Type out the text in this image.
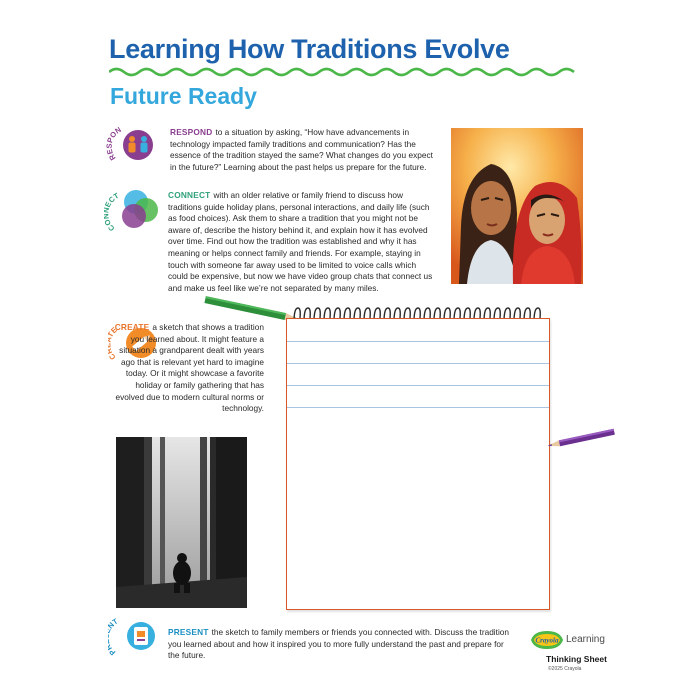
Learning How Traditions Evolve
Future Ready
R PON	RESPOND to a situation by asking, “How have advancements in technology impacted family traditions and communication? Has the essence of the tradition stayed the same? What changes do you expect in the future?” Learning about the past helps us prepare for the future.
C ECT	CONNECT with an older relative or family friend to discuss how traditions guide holiday plans, personal interactions, and daily life (such as food choices). Ask them to share a tradition that you might not be aware of, describe the history behind it, and explain how it has evolved over time. Find out how the tradition was established and why it has meaning or helps connect family and friends. For example, staying in touch with someone far away used to be limited to voice calls which could be expensive, but now we have video group chats that connect us and make us feel like we’re not separated by many miles.
C E
CREATE a sketch that shows a tradition you learned about. It might feature a situation a grandparent dealt with years ago that is relevant yet hard to imagine today. Or it might showcase a favorite holiday or family gathering that has evolved due to modern cultural norms or technology.
P T
PRESENT the sketch to family members or friends you connected with. Discuss the tradition you learned about and how it inspired you to more fully understand the past and prepare for the future.
Crayola Learning
Thinking Sheet
©2025 Crayola
